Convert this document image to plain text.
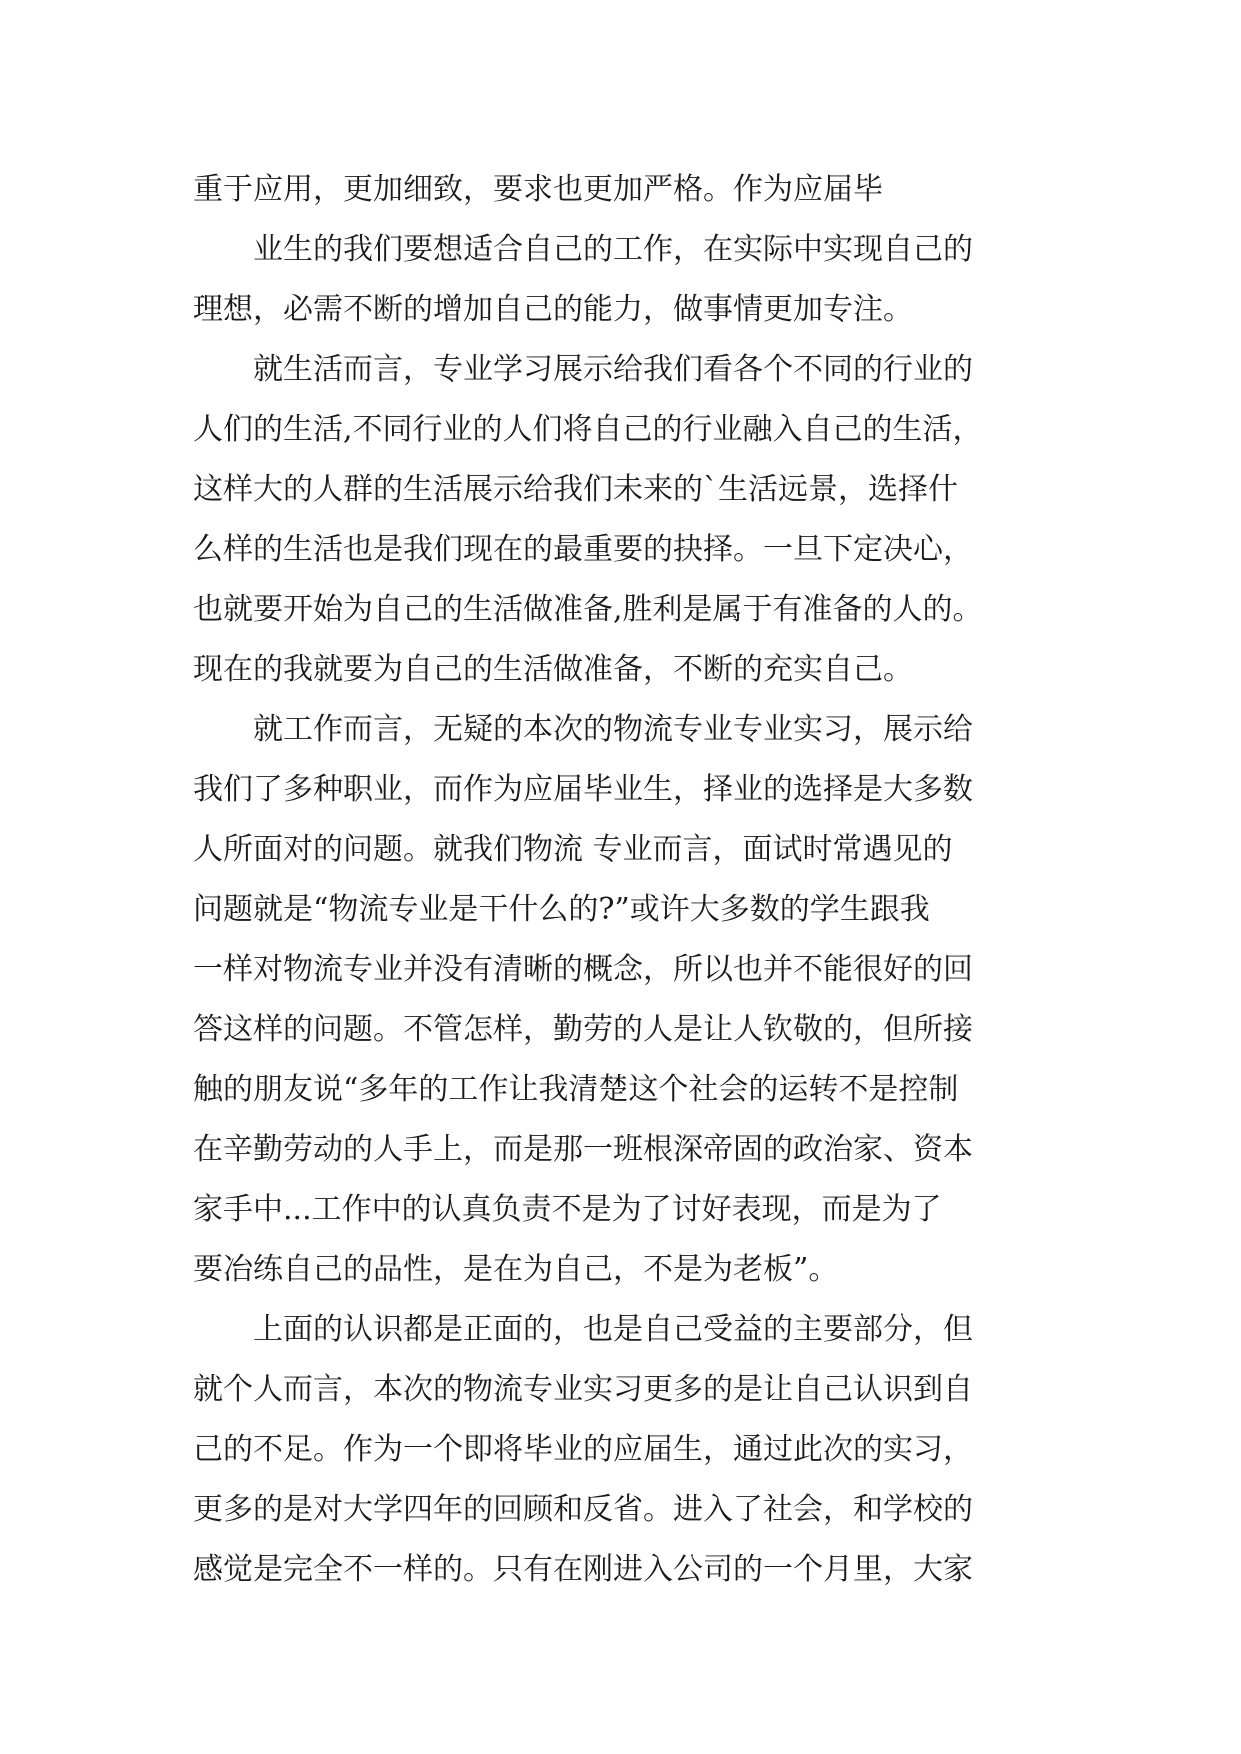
重于应用，更加细致，要求也更加严格。作为应届毕
业生的我们要想适合自己的工作，在实际中实现自己的
理想，必需不断的增加自己的能力，做事情更加专注。
就生活而言，专业学习展示给我们看各个不同的行业的
人们的生活,不同行业的人们将自己的行业融入自己的生活，
这样大的人群的生活展示给我们未来的`生活远景，选择什
么样的生活也是我们现在的最重要的抉择。一旦下定决心，
也就要开始为自己的生活做准备,胜利是属于有准备的人的。
现在的我就要为自己的生活做准备，不断的充实自己。
就工作而言，无疑的本次的物流专业专业实习，展示给
我们了多种职业，而作为应届毕业生，择业的选择是大多数
人所面对的问题。就我们物流 专业而言，面试时常遇见的
问题就是“物流专业是干什么的?”或许大多数的学生跟我
一样对物流专业并没有清晰的概念，所以也并不能很好的回
答这样的问题。不管怎样，勤劳的人是让人钦敬的，但所接
触的朋友说“多年的工作让我清楚这个社会的运转不是控制
在辛勤劳动的人手上，而是那一班根深帝固的政治家、资本
家手中...工作中的认真负责不是为了讨好表现，而是为了
要冶练自己的品性，是在为自己，不是为老板”。
上面的认识都是正面的，也是自己受益的主要部分，但
就个人而言，本次的物流专业实习更多的是让自己认识到自
己的不足。作为一个即将毕业的应届生，通过此次的实习，
更多的是对大学四年的回顾和反省。进入了社会，和学校的
感觉是完全不一样的。只有在刚进入公司的一个月里，大家
